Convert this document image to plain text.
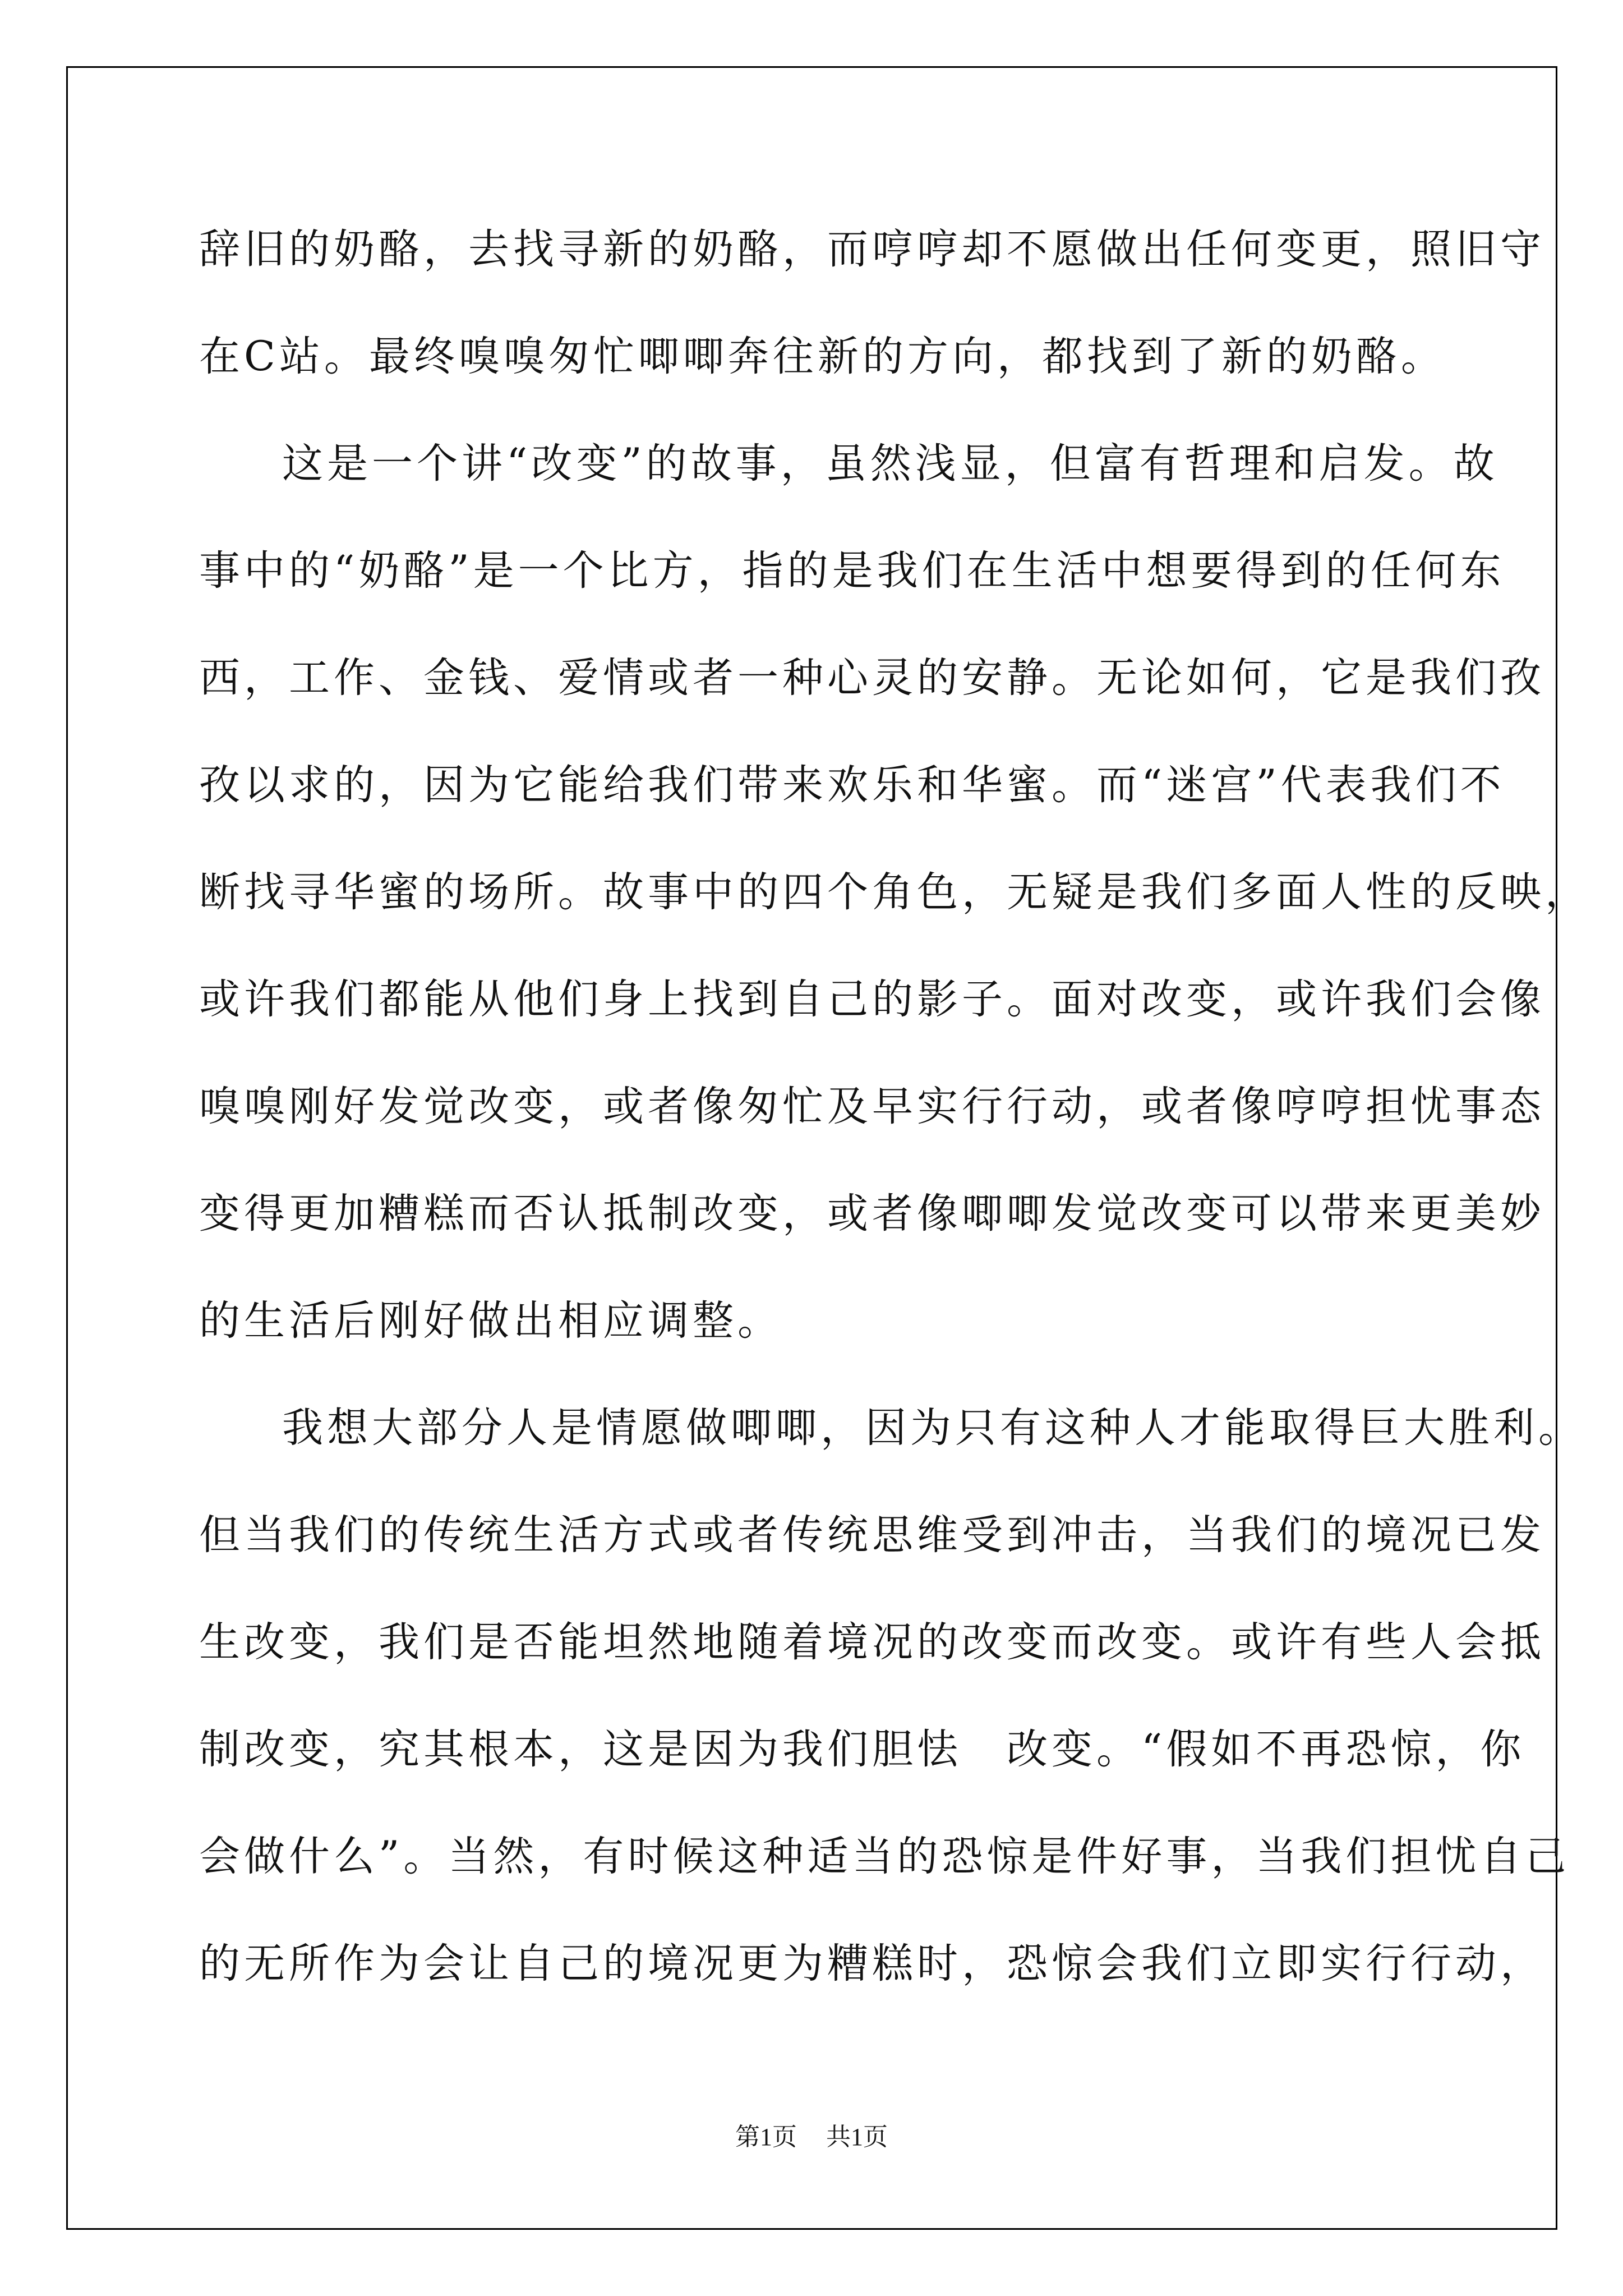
辞旧的奶酪，去找寻新的奶酪，而哼哼却不愿做出任何变更，照旧守
在C站。最终嗅嗅匆忙唧唧奔往新的方向，都找到了新的奶酪。
这是一个讲“改变”的故事，虽然浅显，但富有哲理和启发。故
事中的“奶酪”是一个比方，指的是我们在生活中想要得到的任何东
西，工作、金钱、爱情或者一种心灵的安静。无论如何，它是我们孜
孜以求的，因为它能给我们带来欢乐和华蜜。而“迷宫”代表我们不
断找寻华蜜的场所。故事中的四个角色，无疑是我们多面人性的反映，
或许我们都能从他们身上找到自己的影子。面对改变，或许我们会像
嗅嗅刚好发觉改变，或者像匆忙及早实行行动，或者像哼哼担忧事态
变得更加糟糕而否认抵制改变，或者像唧唧发觉改变可以带来更美妙
的生活后刚好做出相应调整。
我想大部分人是情愿做唧唧，因为只有这种人才能取得巨大胜利。
但当我们的传统生活方式或者传统思维受到冲击，当我们的境况已发
生改变，我们是否能坦然地随着境况的改变而改变。或许有些人会抵
制改变，究其根本，这是因为我们胆怯　改变。“假如不再恐惊，你
会做什么”。当然，有时候这种适当的恐惊是件好事，当我们担忧自己
的无所作为会让自己的境况更为糟糕时，恐惊会我们立即实行行动，
第1页 共1页
